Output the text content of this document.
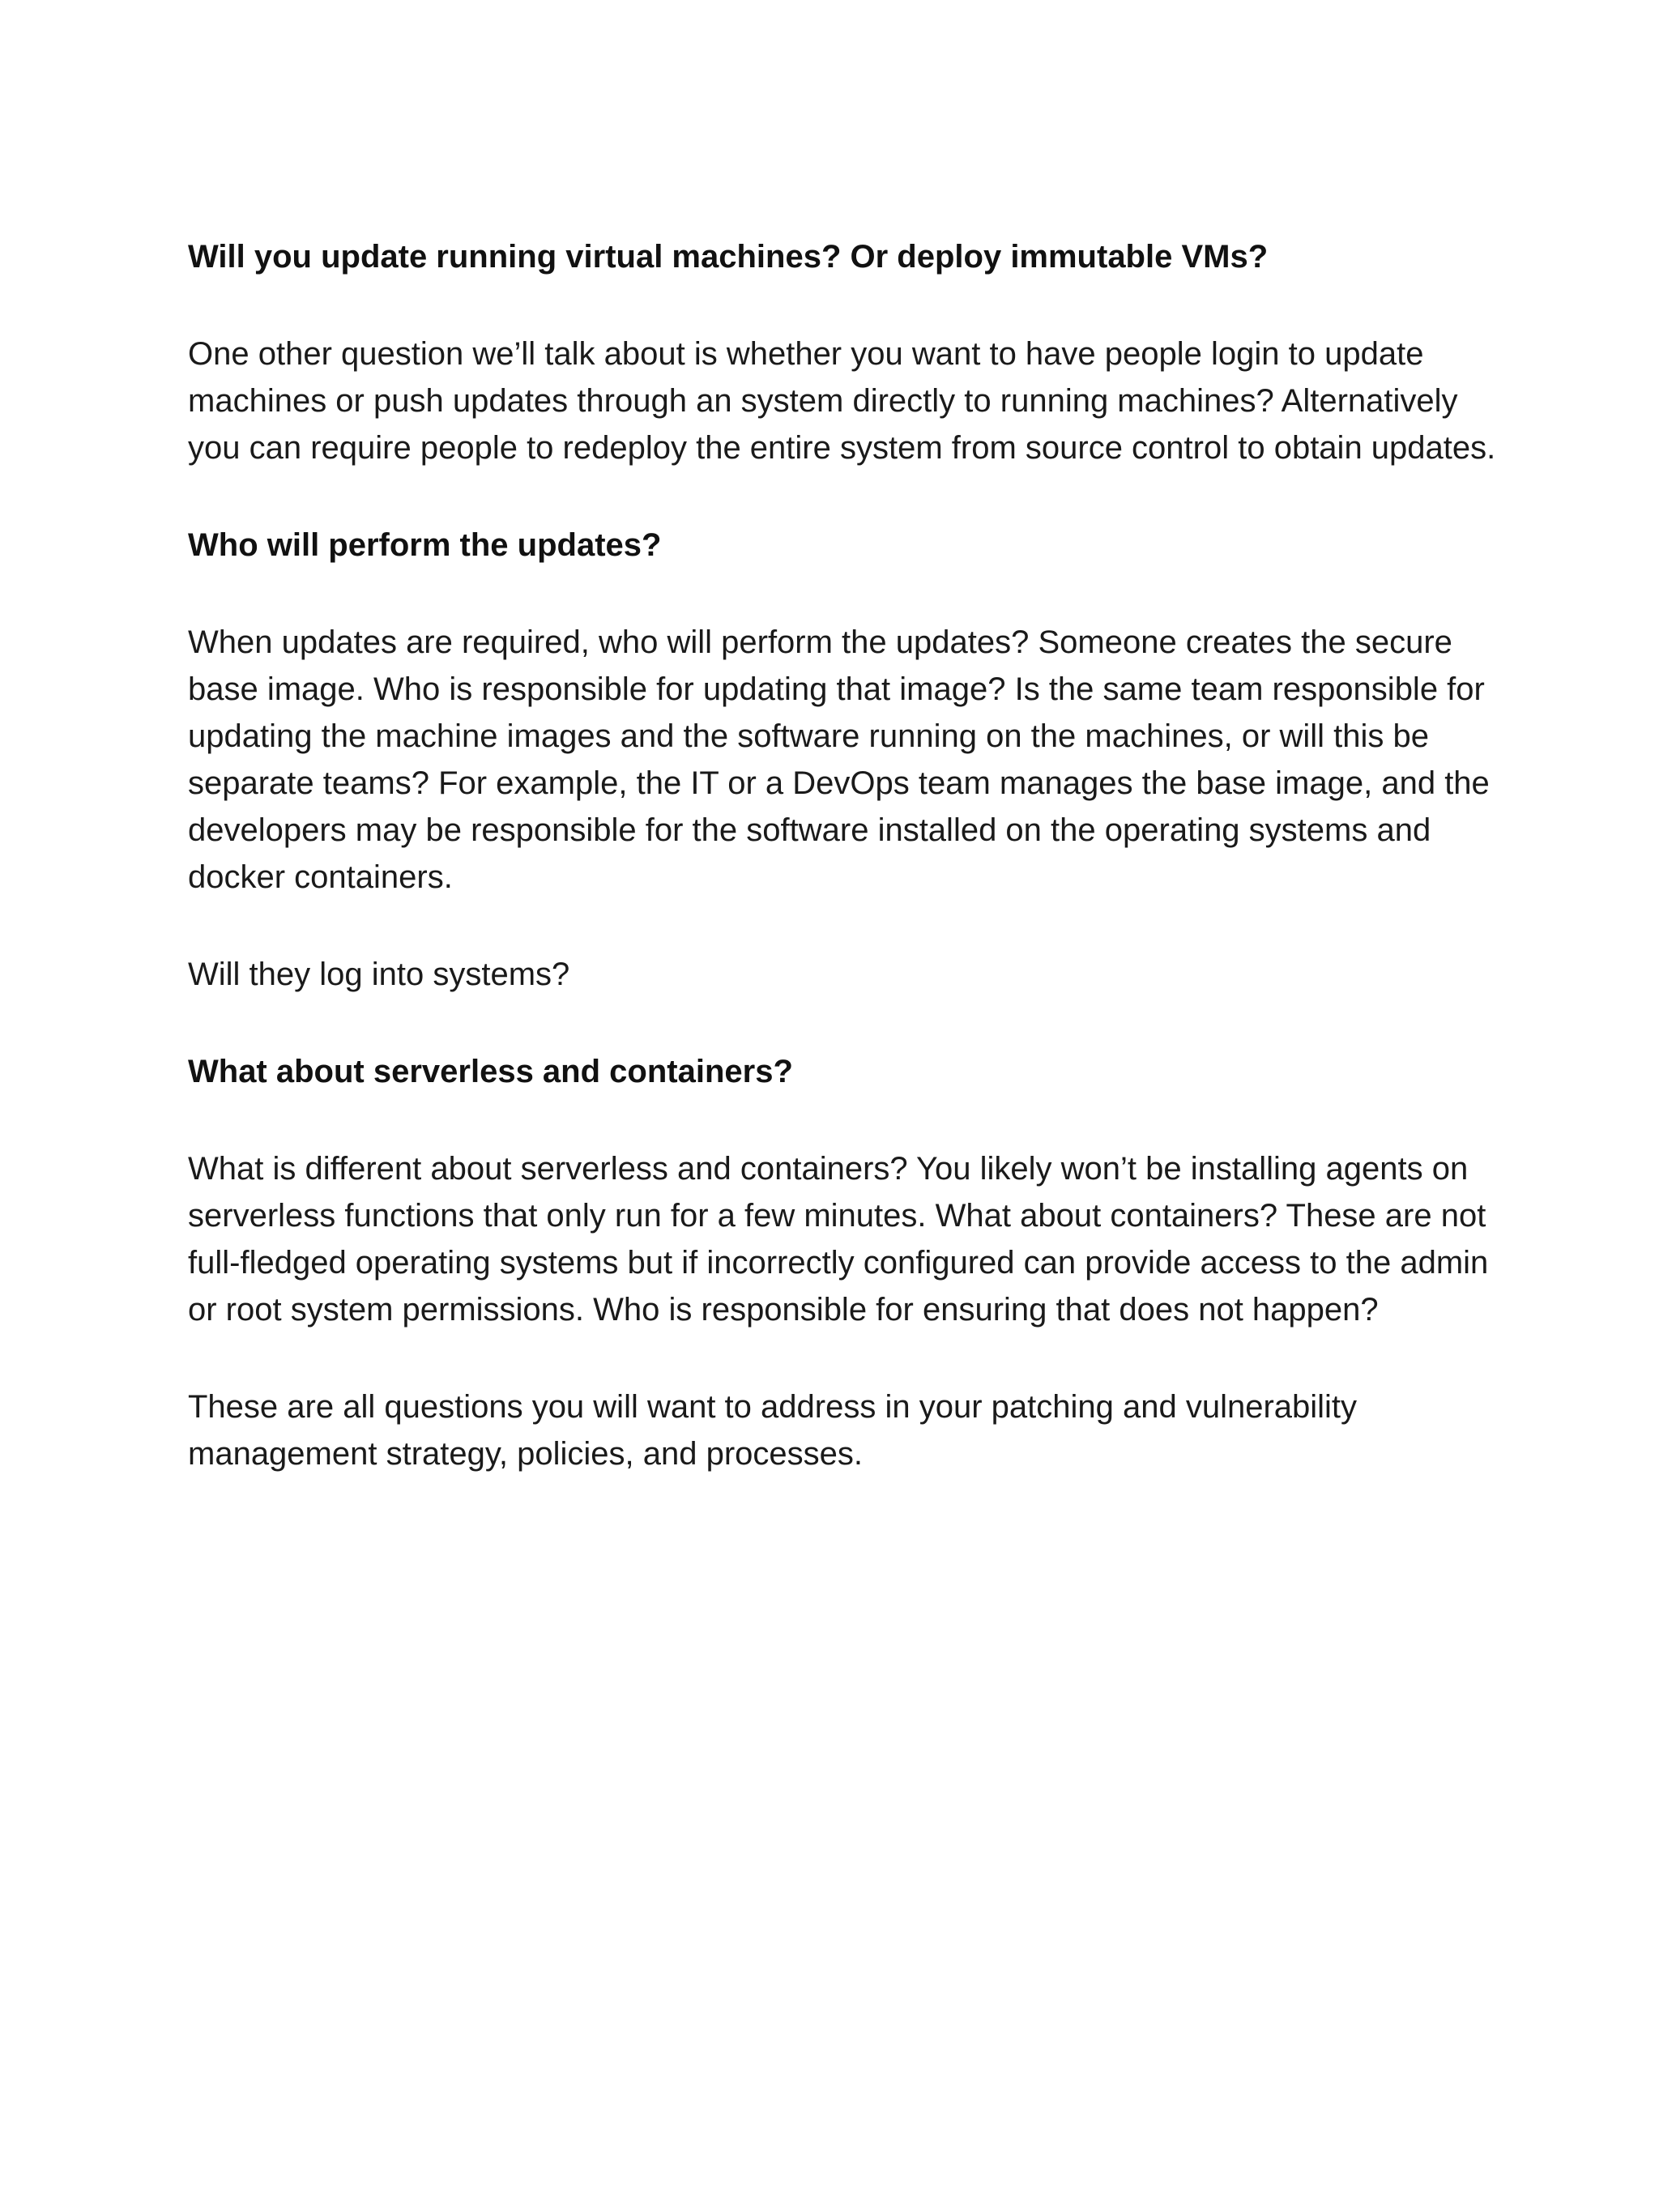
Will you update running virtual machines? Or deploy immutable VMs?

One other question we’ll talk about is whether you want to have people login to update machines or push updates through an system directly to running machines? Alternatively you can require people to redeploy the entire system from source control to obtain updates.

Who will perform the updates?

When updates are required, who will perform the updates? Someone creates the secure base image. Who is responsible for updating that image? Is the same team responsible for updating the machine images and the software running on the machines, or will this be separate teams? For example, the IT or a DevOps team manages the base image, and the developers may be responsible for the software installed on the operating systems and docker containers.

Will they log into systems?

What about serverless and containers?

What is different about serverless and containers? You likely won’t be installing agents on serverless functions that only run for a few minutes. What about containers? These are not full-fledged operating systems but if incorrectly configured can provide access to the admin or root system permissions. Who is responsible for ensuring that does not happen?

These are all questions you will want to address in your patching and vulnerability management strategy, policies, and processes.
